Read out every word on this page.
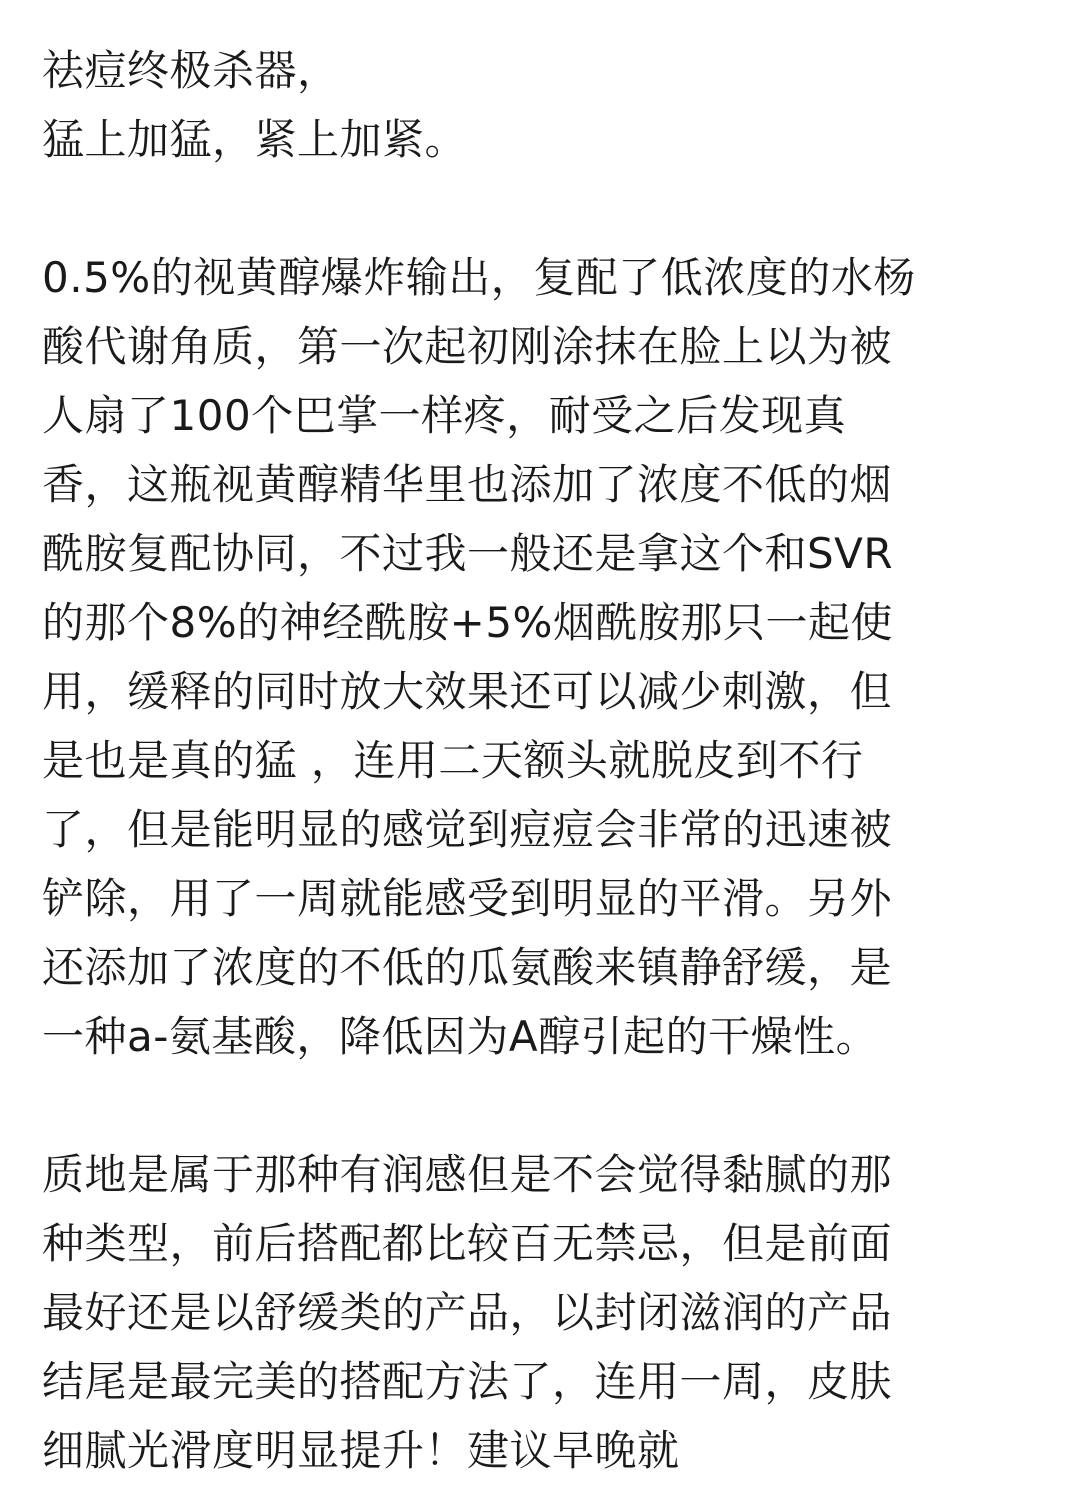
祛痘终极杀器，
猛上加猛，紧上加紧。
0.5%的视黄醇爆炸输出，复配了低浓度的水杨
酸代谢角质，第一次起初刚涂抹在脸上以为被
人扇了100个巴掌一样疼，耐受之后发现真
香，这瓶视黄醇精华里也添加了浓度不低的烟
酰胺复配协同，不过我一般还是拿这个和SVR
的那个8%的神经酰胺+5%烟酰胺那只一起使
用，缓释的同时放大效果还可以减少刺激，但
是也是真的猛 ，连用二天额头就脱皮到不行
了，但是能明显的感觉到痘痘会非常的迅速被
铲除，用了一周就能感受到明显的平滑。另外
还添加了浓度的不低的瓜氨酸来镇静舒缓，是
一种a-氨基酸，降低因为A醇引起的干燥性。
质地是属于那种有润感但是不会觉得黏腻的那
种类型，前后搭配都比较百无禁忌，但是前面
最好还是以舒缓类的产品，以封闭滋润的产品
结尾是最完美的搭配方法了，连用一周，皮肤
细腻光滑度明显提升！建议早晚就
